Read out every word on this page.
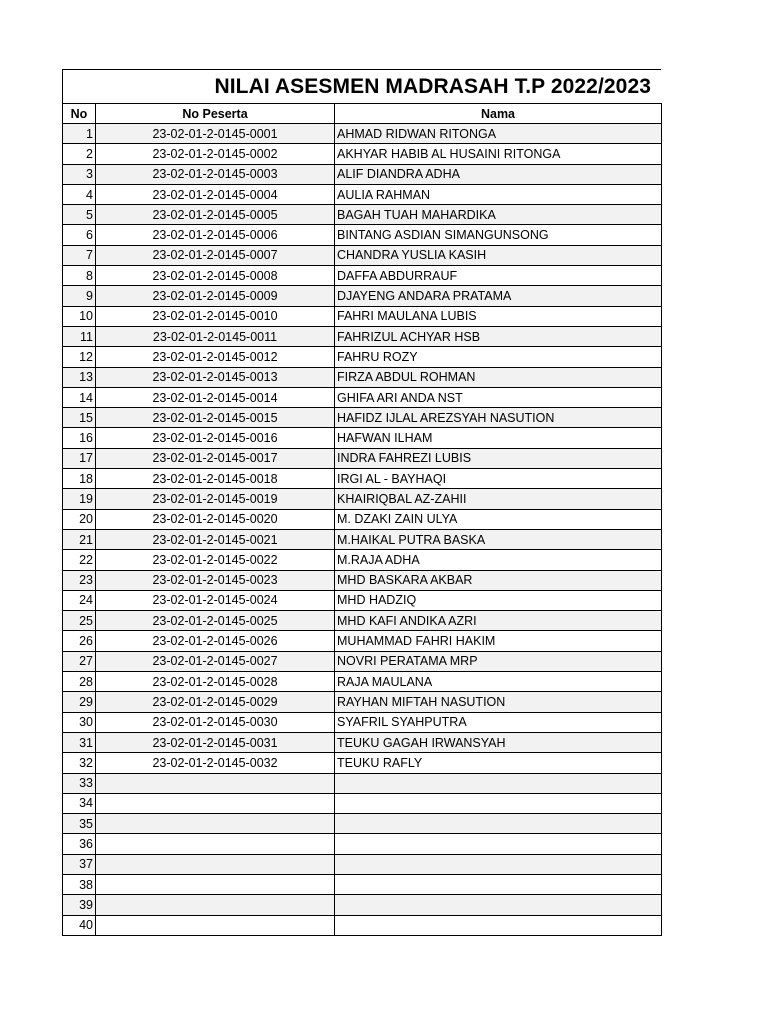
NILAI ASESMEN MADRASAH T.P 2022/2023
No	No Peserta	Nama
1	23-02-01-2-0145-0001	AHMAD RIDWAN RITONGA
2	23-02-01-2-0145-0002	AKHYAR HABIB AL HUSAINI RITONGA
3	23-02-01-2-0145-0003	ALIF DIANDRA ADHA
4	23-02-01-2-0145-0004	AULIA RAHMAN
5	23-02-01-2-0145-0005	BAGAH TUAH MAHARDIKA
6	23-02-01-2-0145-0006	BINTANG ASDIAN SIMANGUNSONG
7	23-02-01-2-0145-0007	CHANDRA YUSLIA KASIH
8	23-02-01-2-0145-0008	DAFFA ABDURRAUF
9	23-02-01-2-0145-0009	DJAYENG ANDARA PRATAMA
10	23-02-01-2-0145-0010	FAHRI MAULANA LUBIS
11	23-02-01-2-0145-0011	FAHRIZUL ACHYAR HSB
12	23-02-01-2-0145-0012	FAHRU ROZY
13	23-02-01-2-0145-0013	FIRZA ABDUL ROHMAN
14	23-02-01-2-0145-0014	GHIFA ARI ANDA NST
15	23-02-01-2-0145-0015	HAFIDZ IJLAL AREZSYAH NASUTION
16	23-02-01-2-0145-0016	HAFWAN ILHAM
17	23-02-01-2-0145-0017	INDRA FAHREZI LUBIS
18	23-02-01-2-0145-0018	IRGI AL - BAYHAQI
19	23-02-01-2-0145-0019	KHAIRIQBAL AZ-ZAHII
20	23-02-01-2-0145-0020	M. DZAKI ZAIN ULYA
21	23-02-01-2-0145-0021	M.HAIKAL PUTRA BASKA
22	23-02-01-2-0145-0022	M.RAJA ADHA
23	23-02-01-2-0145-0023	MHD BASKARA AKBAR
24	23-02-01-2-0145-0024	MHD HADZIQ
25	23-02-01-2-0145-0025	MHD KAFI ANDIKA AZRI
26	23-02-01-2-0145-0026	MUHAMMAD FAHRI HAKIM
27	23-02-01-2-0145-0027	NOVRI PERATAMA MRP
28	23-02-01-2-0145-0028	RAJA MAULANA
29	23-02-01-2-0145-0029	RAYHAN MIFTAH NASUTION
30	23-02-01-2-0145-0030	SYAFRIL SYAHPUTRA
31	23-02-01-2-0145-0031	TEUKU GAGAH IRWANSYAH
32	23-02-01-2-0145-0032	TEUKU RAFLY
33		
34		
35		
36		
37		
38		
39		
40		
